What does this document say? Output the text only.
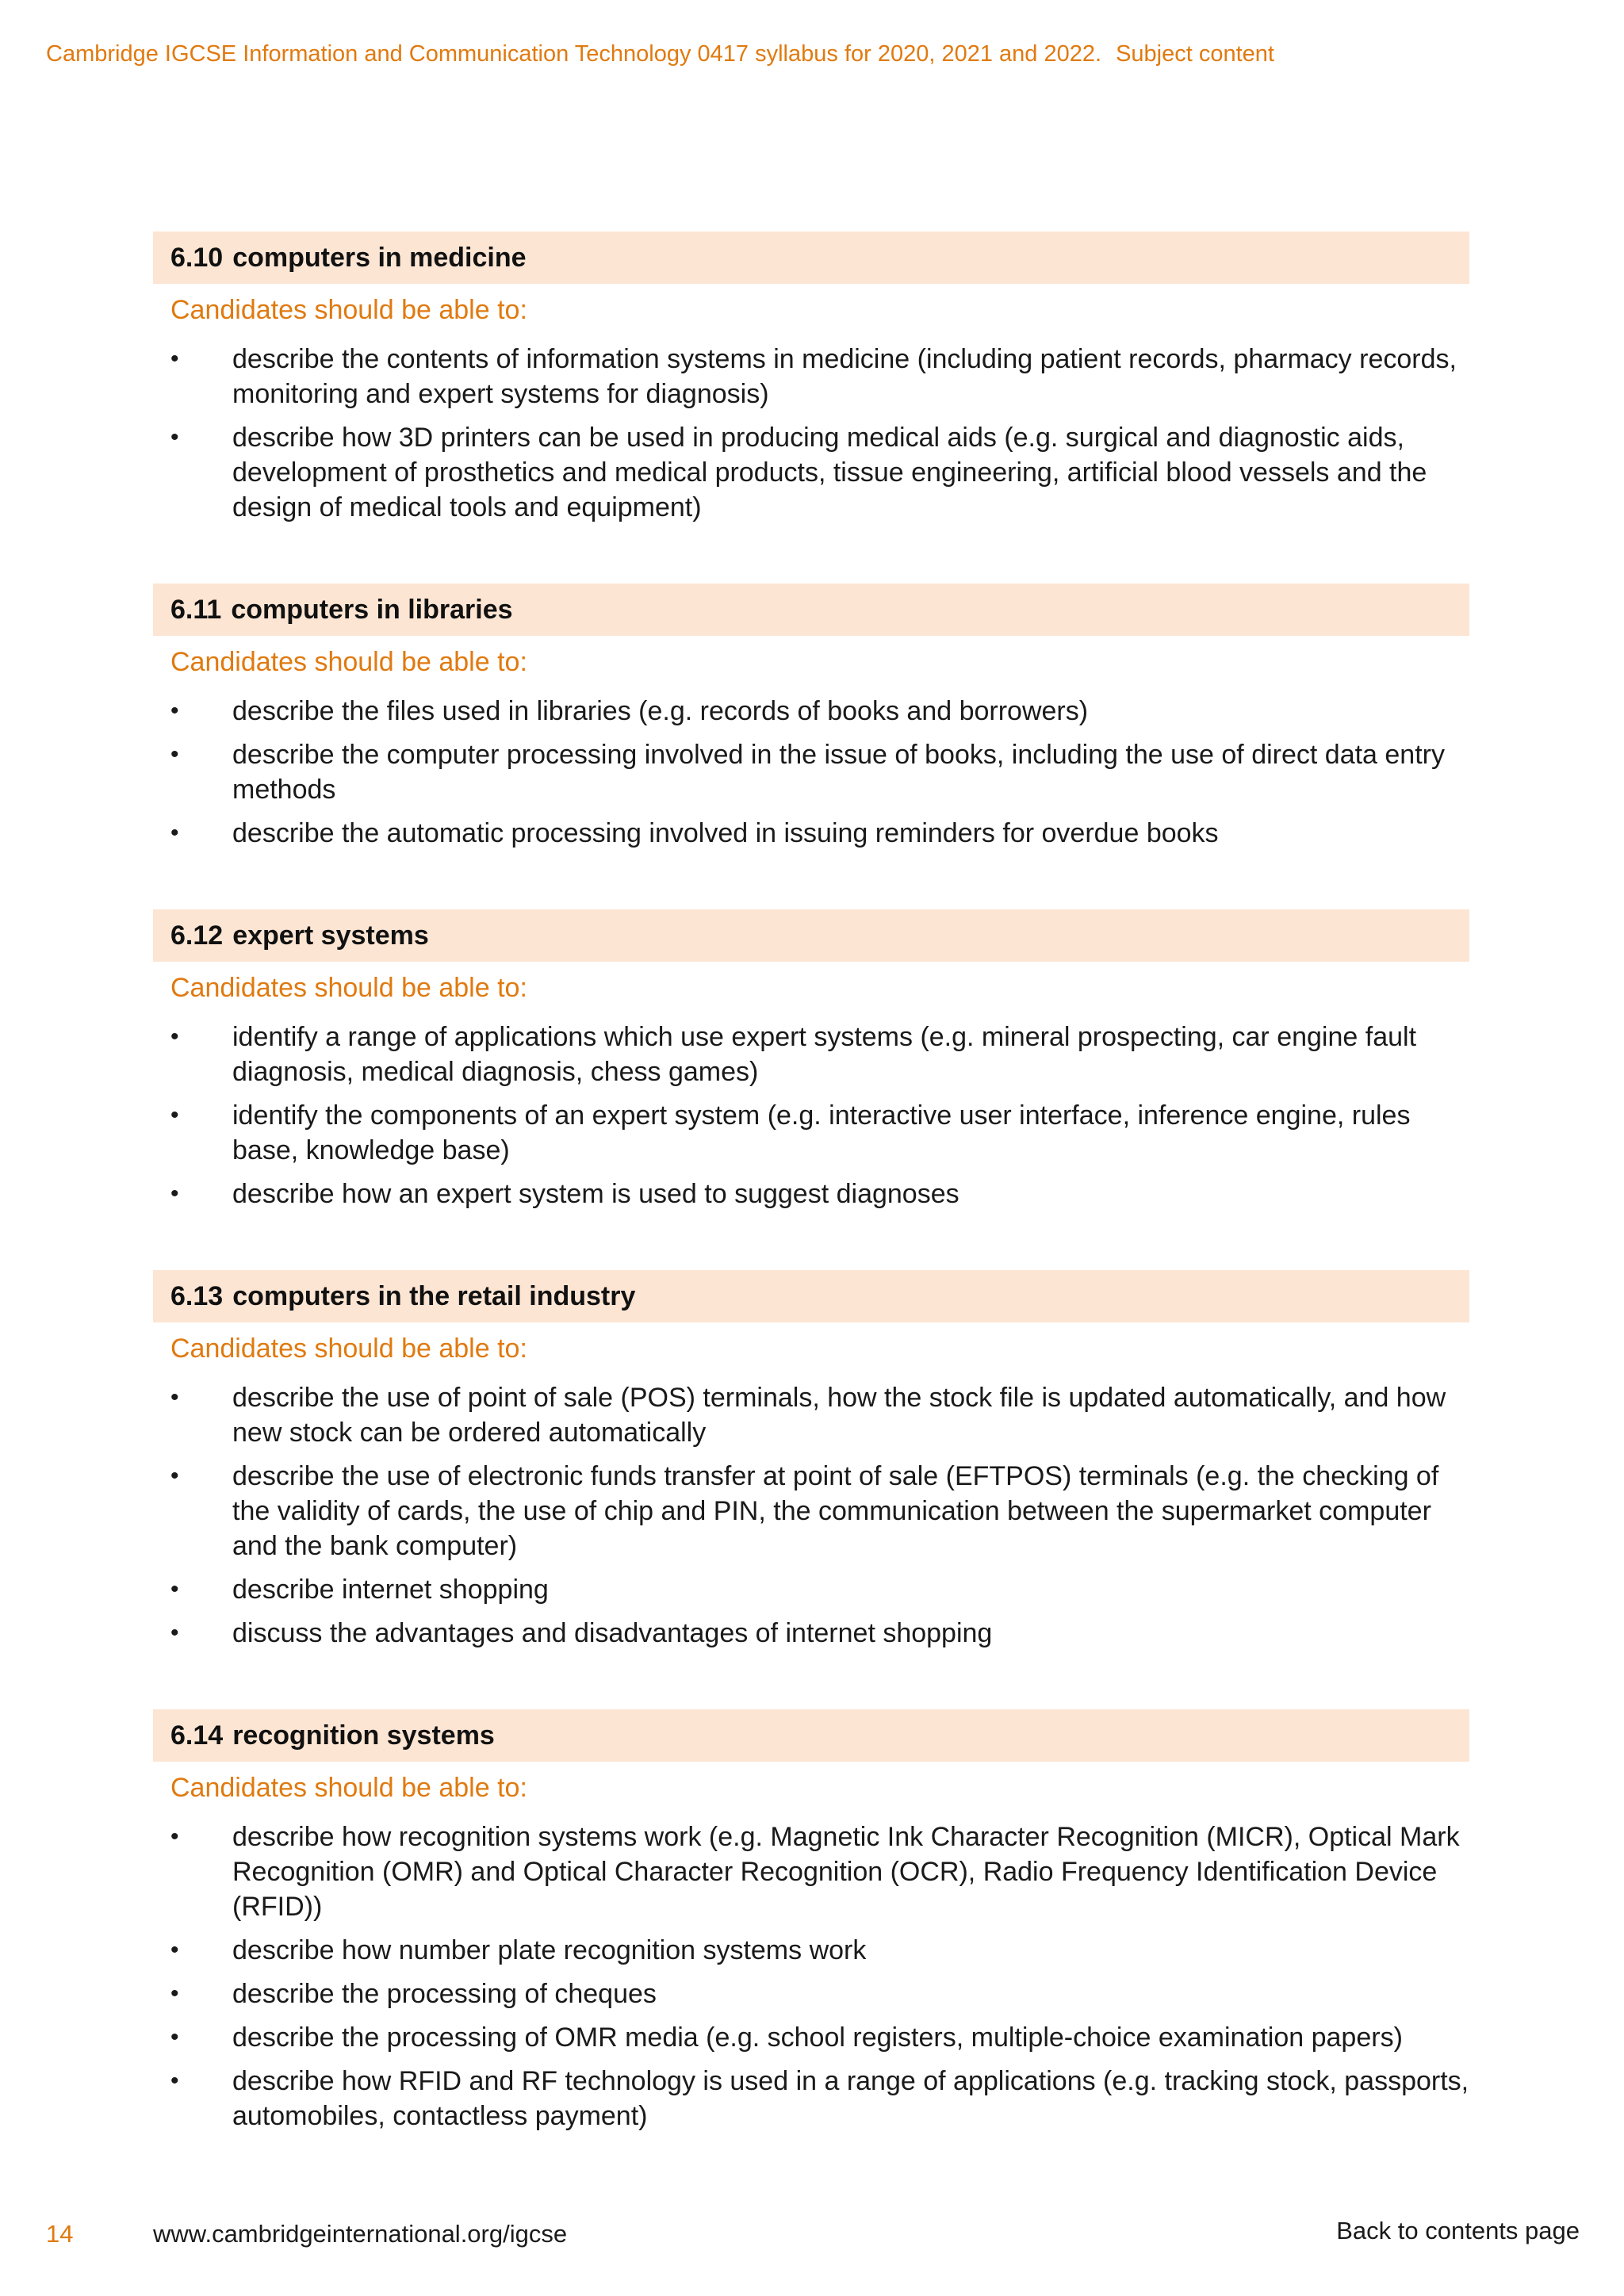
Cambridge IGCSE Information and Communication Technology 0417 syllabus for 2020, 2021 and 2022. Subject content
6.10 computers in medicine
Candidates should be able to:
• describe the contents of information systems in medicine (including patient records, pharmacy records, monitoring and expert systems for diagnosis)
• describe how 3D printers can be used in producing medical aids (e.g. surgical and diagnostic aids, development of prosthetics and medical products, tissue engineering, artificial blood vessels and the design of medical tools and equipment)
6.11 computers in libraries
Candidates should be able to:
• describe the files used in libraries (e.g. records of books and borrowers)
• describe the computer processing involved in the issue of books, including the use of direct data entry methods
• describe the automatic processing involved in issuing reminders for overdue books
6.12 expert systems
Candidates should be able to:
• identify a range of applications which use expert systems (e.g. mineral prospecting, car engine fault diagnosis, medical diagnosis, chess games)
• identify the components of an expert system (e.g. interactive user interface, inference engine, rules base, knowledge base)
• describe how an expert system is used to suggest diagnoses
6.13 computers in the retail industry
Candidates should be able to:
• describe the use of point of sale (POS) terminals, how the stock file is updated automatically, and how new stock can be ordered automatically
• describe the use of electronic funds transfer at point of sale (EFTPOS) terminals (e.g. the checking of the validity of cards, the use of chip and PIN, the communication between the supermarket computer and the bank computer)
• describe internet shopping
• discuss the advantages and disadvantages of internet shopping
6.14 recognition systems
Candidates should be able to:
• describe how recognition systems work (e.g. Magnetic Ink Character Recognition (MICR), Optical Mark Recognition (OMR) and Optical Character Recognition (OCR), Radio Frequency Identification Device (RFID))
• describe how number plate recognition systems work
• describe the processing of cheques
• describe the processing of OMR media (e.g. school registers, multiple-choice examination papers)
• describe how RFID and RF technology is used in a range of applications (e.g. tracking stock, passports, automobiles, contactless payment)
14	www.cambridgeinternational.org/igcse	Back to contents page
